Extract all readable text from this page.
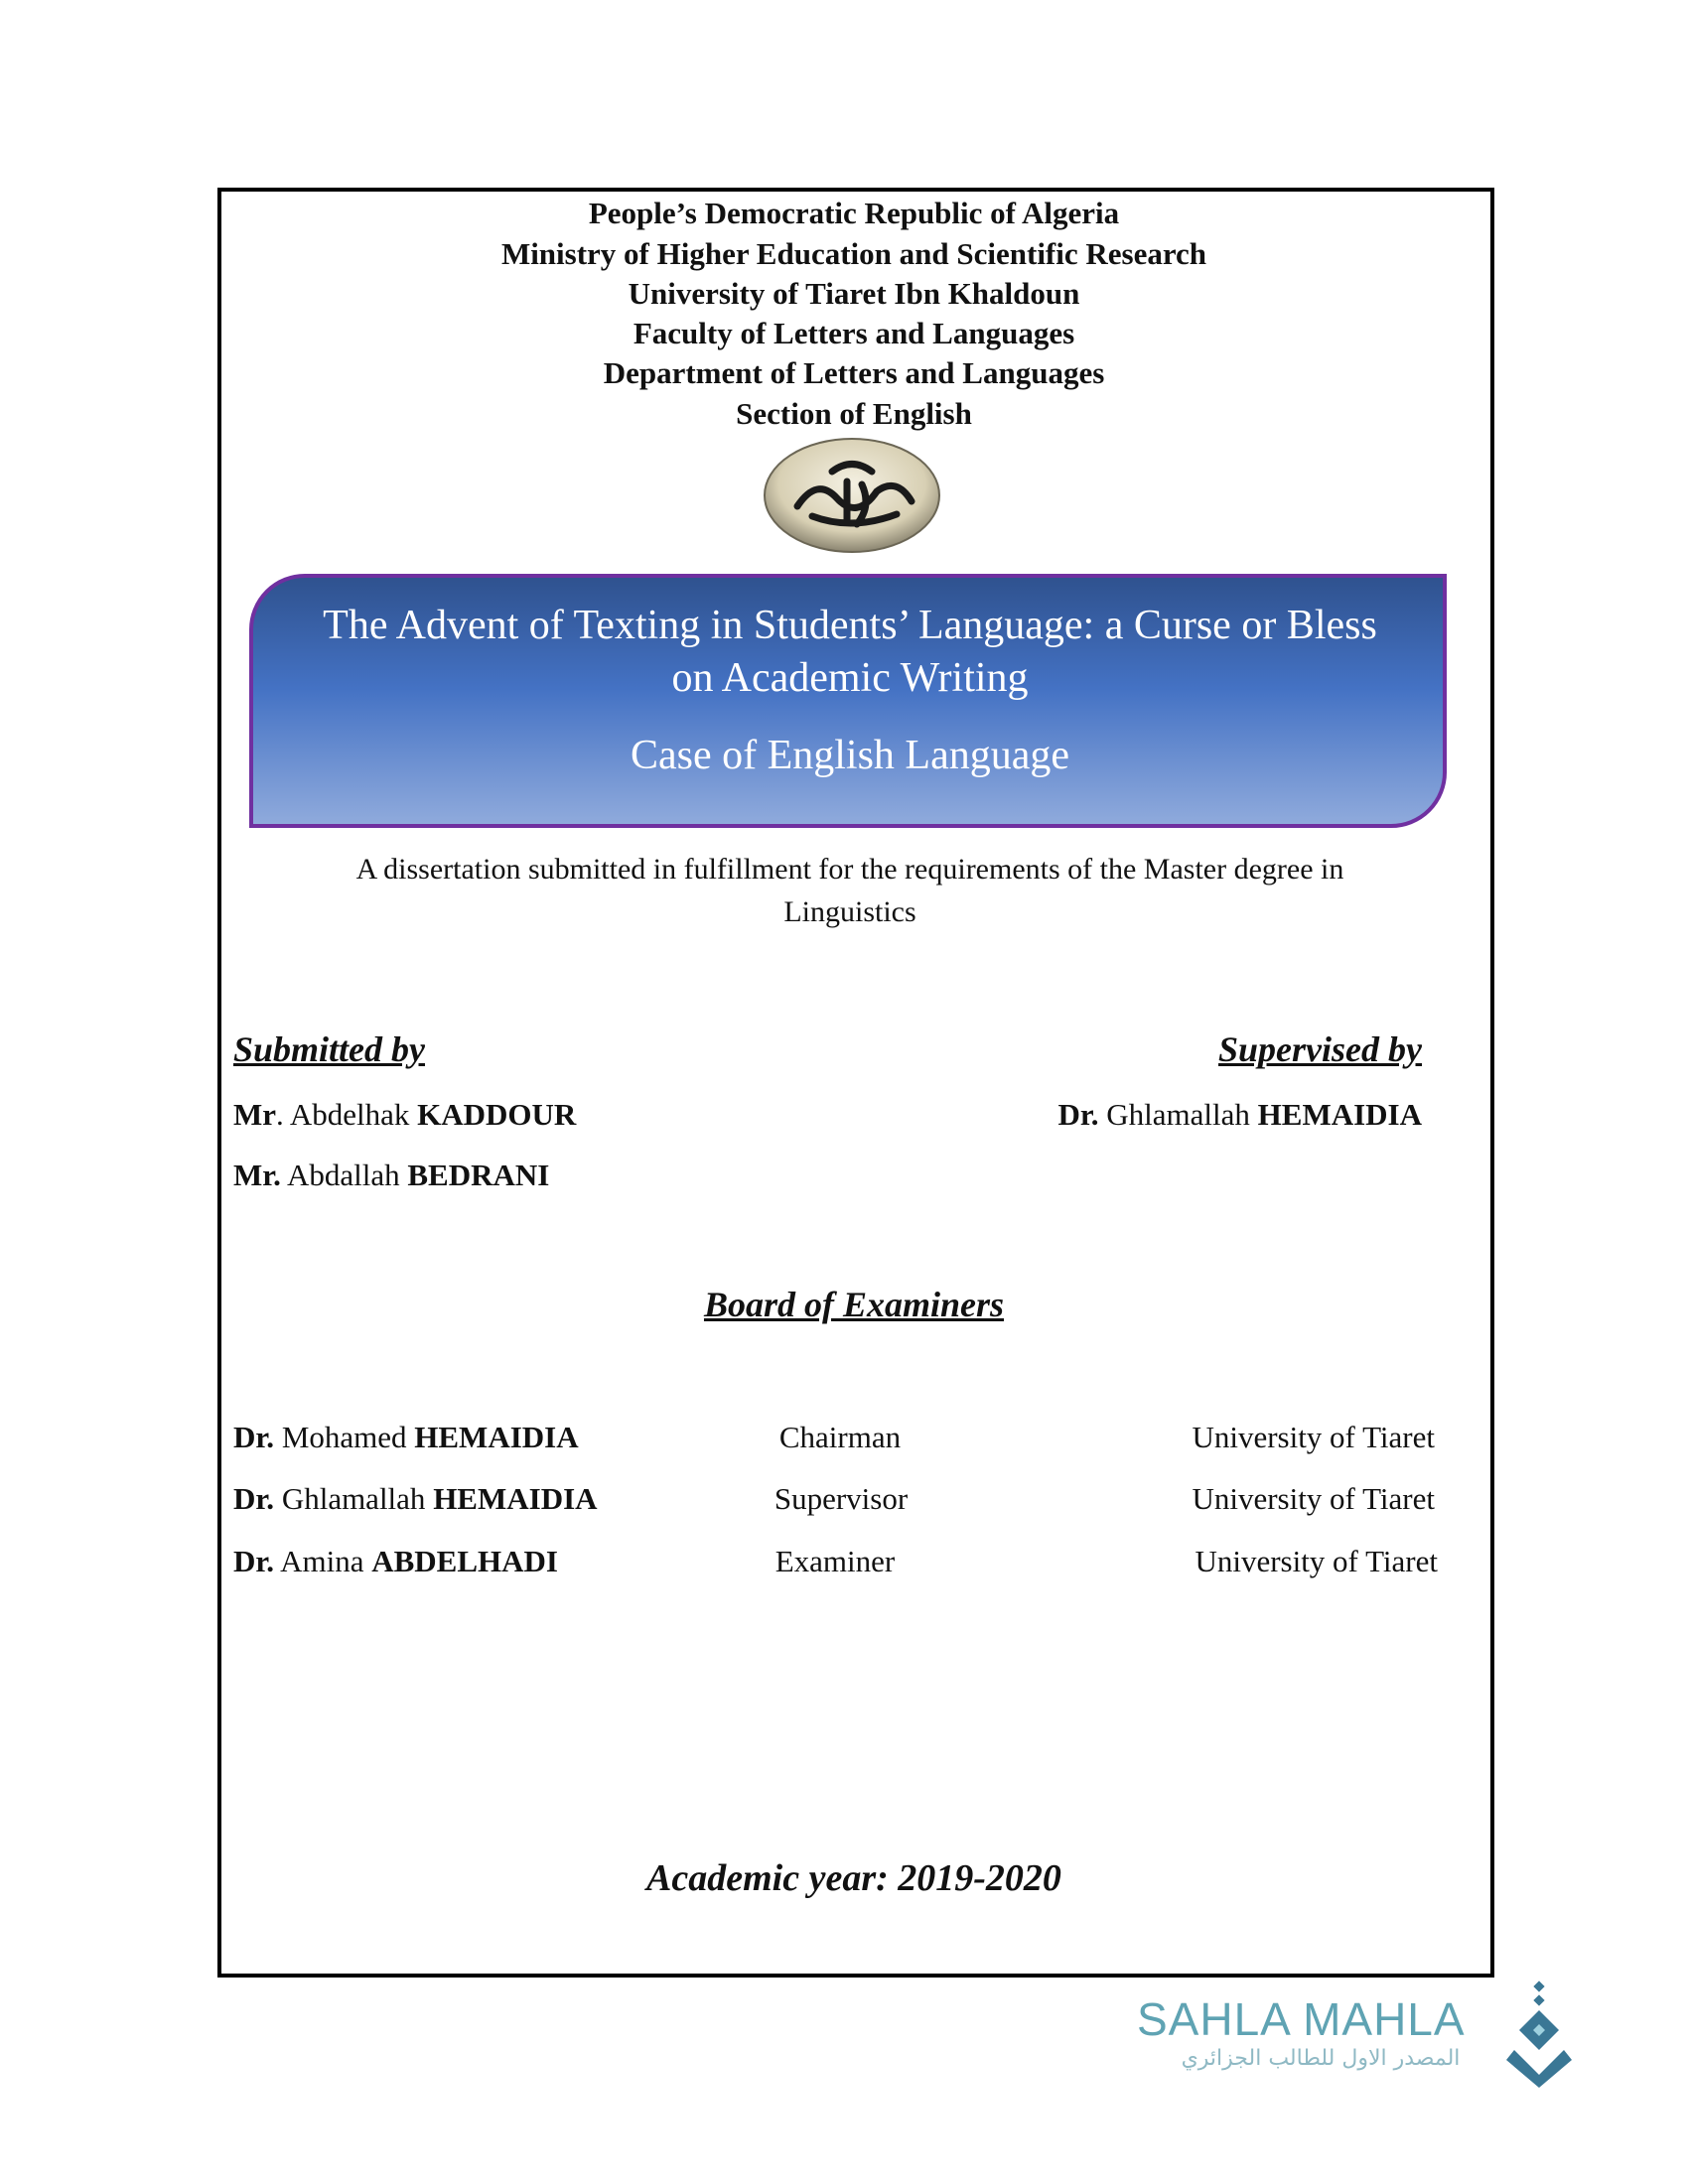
People’s Democratic Republic of Algeria
Ministry of Higher Education and Scientific Research
University of Tiaret Ibn Khaldoun
Faculty of Letters and Languages
Department of Letters and Languages
Section of English
The Advent of Texting in Students’ Language: a Curse or Bless
on Academic Writing
Case of English Language
A dissertation submitted in fulfillment for the requirements of the Master degree in
Linguistics
Submitted by	Supervised by
Mr. Abdelhak KADDOUR
Mr. Abdallah BEDRANI
Dr. Ghlamallah HEMAIDIA
Board of Examiners
Dr. Mohamed HEMAIDIA	Chairman	University of Tiaret
Dr. Ghlamallah HEMAIDIA	Supervisor	University of Tiaret
Dr. Amina ABDELHADI	Examiner	University of Tiaret
Academic year: 2019-2020
SAHLA MAHLA
المصدر الاول للطالب الجزائري
